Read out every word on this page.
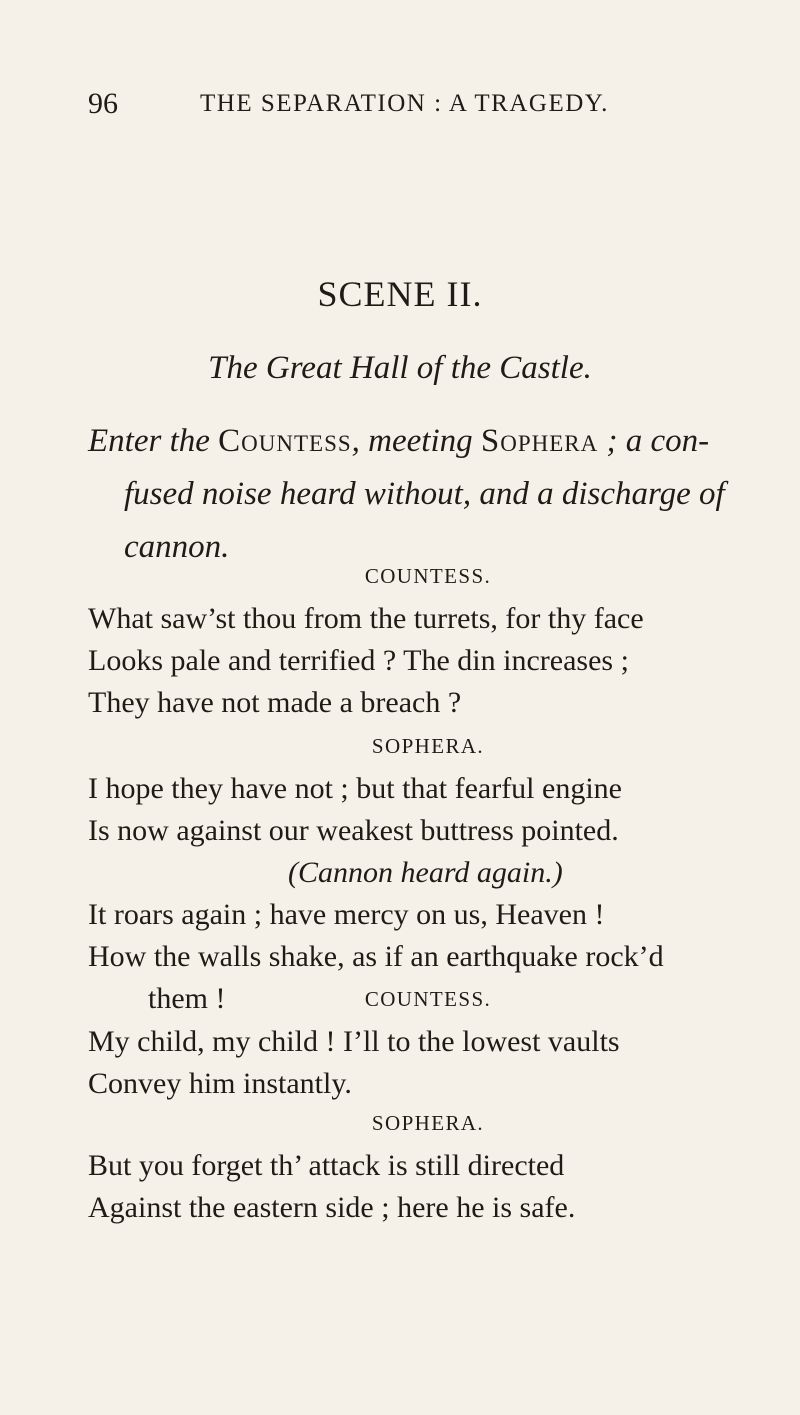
96	THE SEPARATION : A TRAGEDY.
SCENE II.
The Great Hall of the Castle.
Enter the Countess, meeting Sophera ; a con-
fused noise heard without, and a discharge of
cannon.
COUNTESS.
What saw’st thou from the turrets, for thy face
Looks pale and terrified ? The din increases ;
They have not made a breach ?
SOPHERA.
I hope they have not ; but that fearful engine
Is now against our weakest buttress pointed.
(Cannon heard again.)
It roars again ; have mercy on us, Heaven !
How the walls shake, as if an earthquake rock’d
them !	COUNTESS.
My child, my child ! I’ll to the lowest vaults
Convey him instantly.
SOPHERA.
But you forget th’ attack is still directed
Against the eastern side ; here he is safe.
